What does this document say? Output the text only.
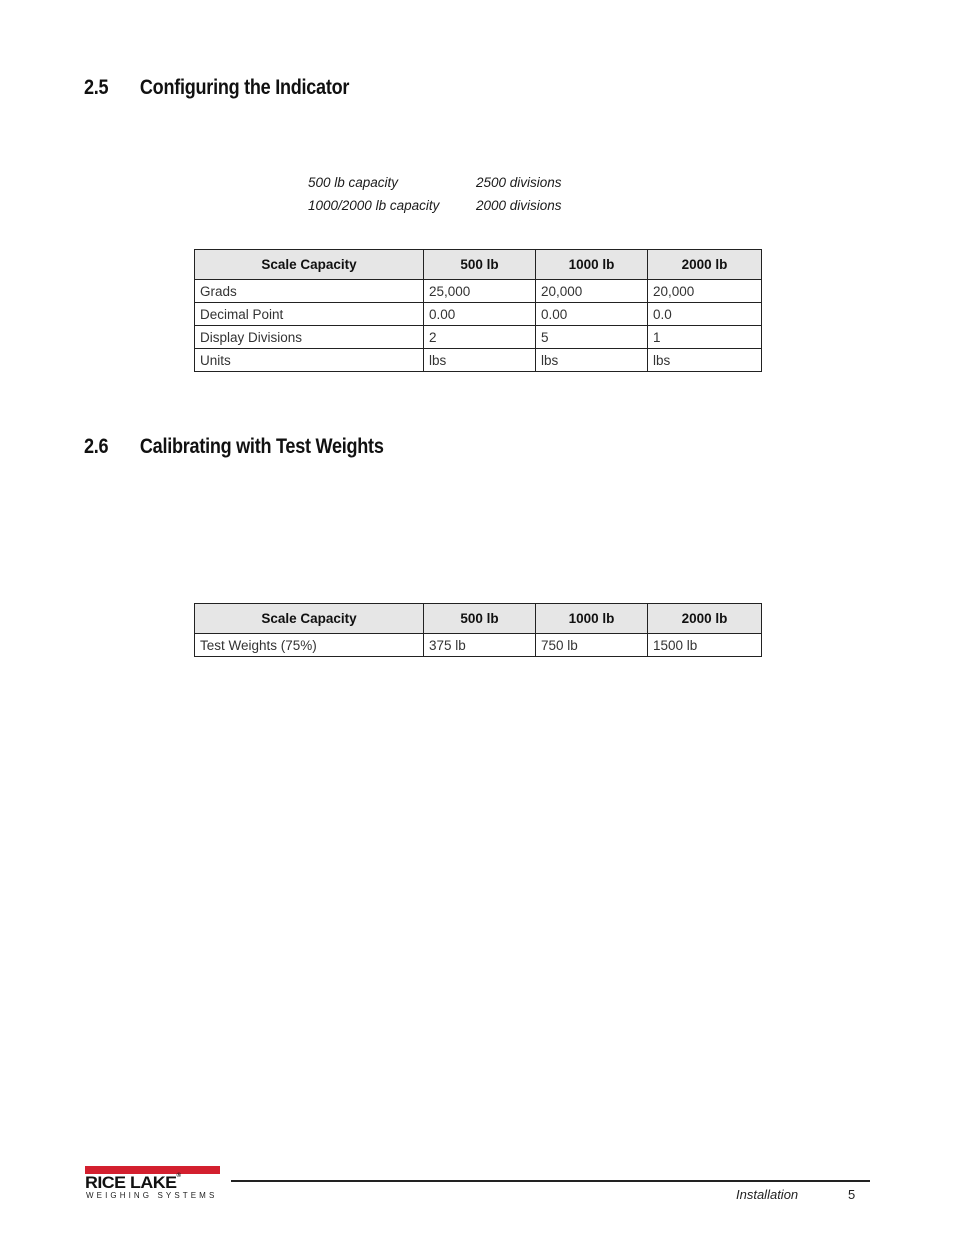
2.5 Configuring the Indicator
500 lb capacity	2500 divisions
1000/2000 lb capacity	2000 divisions
Scale Capacity	500 lb	1000 lb	2000 lb
Grads	25,000	20,000	20,000
Decimal Point	0.00	0.00	0.0
Display Divisions	2	5	1
Units	lbs	lbs	lbs
2.6 Calibrating with Test Weights
Scale Capacity	500 lb	1000 lb	2000 lb
Test Weights (75%)	375 lb	750 lb	1500 lb
RICE LAKE®
WEIGHING SYSTEMS	Installation	5
